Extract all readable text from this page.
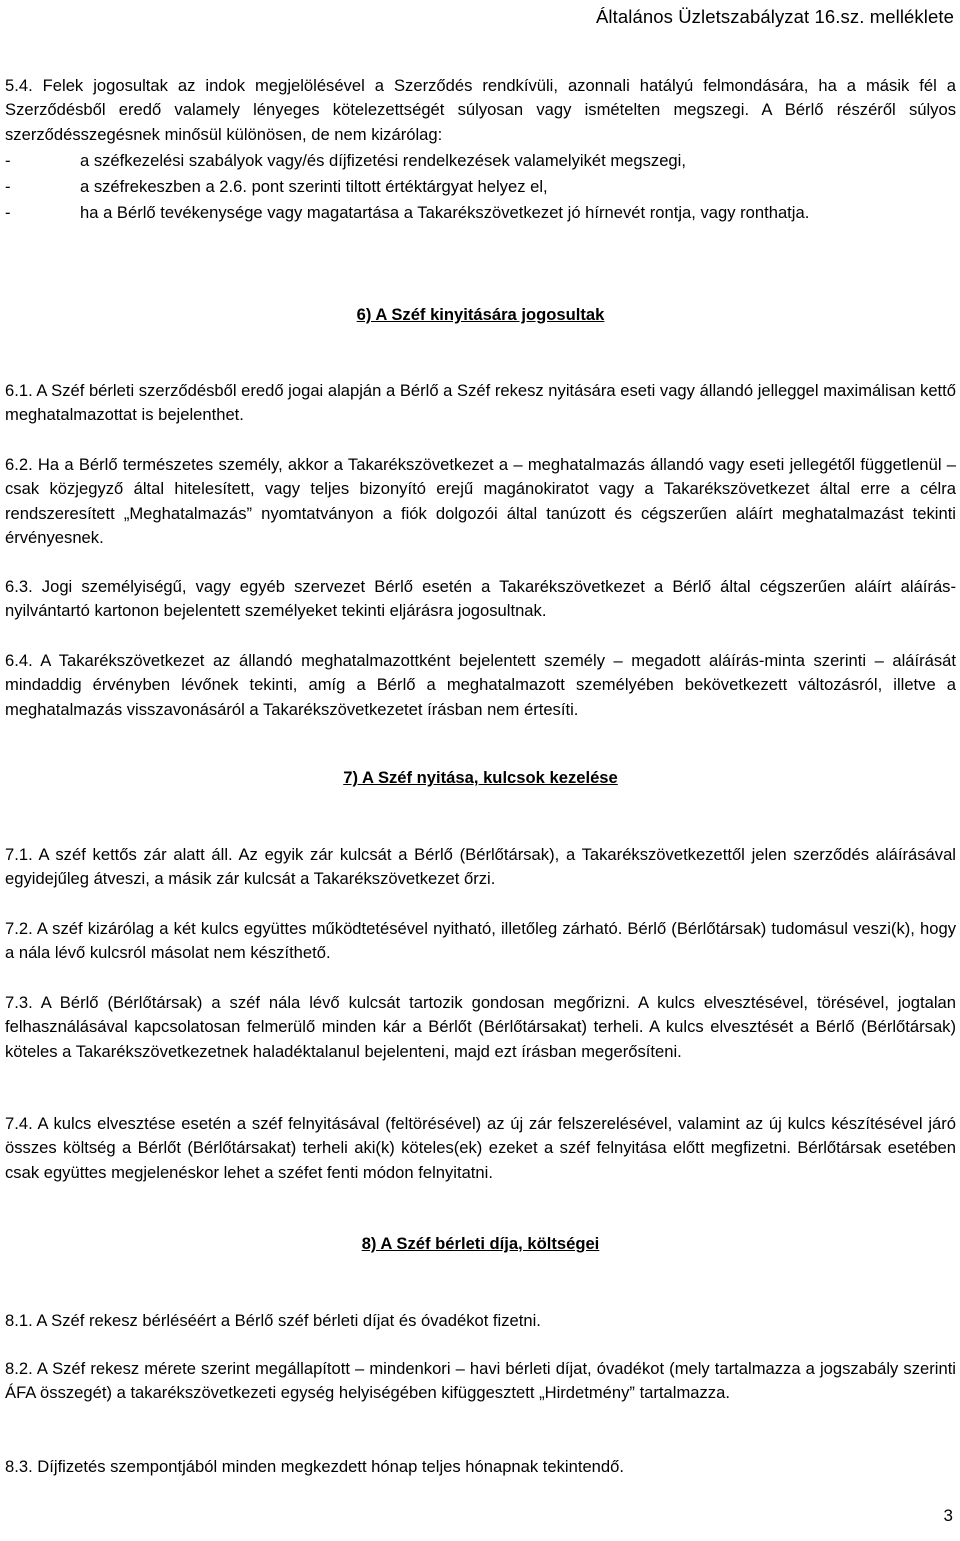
Általános Üzletszabályzat 16.sz. melléklete
5.4. Felek jogosultak az indok megjelölésével a Szerződés rendkívüli, azonnali hatályú felmondására, ha a másik fél a Szerződésből eredő valamely lényeges kötelezettségét súlyosan vagy ismételten megszegi. A Bérlő részéről súlyos szerződésszegésnek minősül különösen, de nem kizárólag:
-	a széfkezelési szabályok vagy/és díjfizetési rendelkezések valamelyikét megszegi,
-	a széfrekeszben a 2.6. pont szerinti tiltott értéktárgyat helyez el,
-	ha a Bérlő tevékenysége vagy magatartása a Takarékszövetkezet jó hírnevét rontja, vagy ronthatja.
6) A Széf kinyitására jogosultak
6.1. A Széf bérleti szerződésből eredő jogai alapján a Bérlő a Széf rekesz nyitására eseti vagy állandó jelleggel maximálisan kettő meghatalmazottat is bejelenthet.
6.2. Ha a Bérlő természetes személy, akkor a Takarékszövetkezet a – meghatalmazás állandó vagy eseti jellegétől függetlenül – csak közjegyző által hitelesített, vagy teljes bizonyító erejű magánokiratot vagy a Takarékszövetkezet által erre a célra rendszeresített „Meghatalmazás” nyomtatványon a fiók dolgozói által tanúzott és cégszerűen aláírt meghatalmazást tekinti érvényesnek.
6.3. Jogi személyiségű, vagy egyéb szervezet Bérlő esetén a Takarékszövetkezet a Bérlő által cégszerűen aláírt aláírás-nyilvántartó kartonon bejelentett személyeket tekinti eljárásra jogosultnak.
6.4. A Takarékszövetkezet az állandó meghatalmazottként bejelentett személy – megadott aláírás-minta szerinti – aláírását mindaddig érvényben lévőnek tekinti, amíg a Bérlő a meghatalmazott személyében bekövetkezett változásról, illetve a meghatalmazás visszavonásáról a Takarékszövetkezetet írásban nem értesíti.
7) A Széf nyitása, kulcsok kezelése
7.1. A széf kettős zár alatt áll. Az egyik zár kulcsát a Bérlő (Bérlőtársak), a Takarékszövetkezettől jelen szerződés aláírásával egyidejűleg átveszi, a másik zár kulcsát a Takarékszövetkezet őrzi.
7.2. A széf kizárólag a két kulcs együttes működtetésével nyitható, illetőleg zárható. Bérlő (Bérlőtársak) tudomásul veszi(k), hogy a nála lévő kulcsról másolat nem készíthető.
7.3. A Bérlő (Bérlőtársak) a széf nála lévő kulcsát tartozik gondosan megőrizni. A kulcs elvesztésével, törésével, jogtalan felhasználásával kapcsolatosan felmerülő minden kár a Bérlőt (Bérlőtársakat) terheli. A kulcs elvesztését a Bérlő (Bérlőtársak) köteles a Takarékszövetkezetnek haladéktalanul bejelenteni, majd ezt írásban megerősíteni.
7.4. A kulcs elvesztése esetén a széf felnyitásával (feltörésével) az új zár felszerelésével, valamint az új kulcs készítésével járó összes költség a Bérlőt (Bérlőtársakat) terheli aki(k) köteles(ek) ezeket a széf felnyitása előtt megfizetni. Bérlőtársak esetében csak együttes megjelenéskor lehet a széfet fenti módon felnyitatni.
8) A Széf bérleti díja, költségei
8.1. A Széf rekesz bérléséért a Bérlő széf bérleti díjat és óvadékot fizetni.
8.2. A Széf rekesz mérete szerint megállapított – mindenkori – havi bérleti díjat, óvadékot (mely tartalmazza a jogszabály szerinti ÁFA összegét) a takarékszövetkezeti egység helyiségében kifüggesztett „Hirdetmény” tartalmazza.
8.3. Díjfizetés szempontjából minden megkezdett hónap teljes hónapnak tekintendő.
3
